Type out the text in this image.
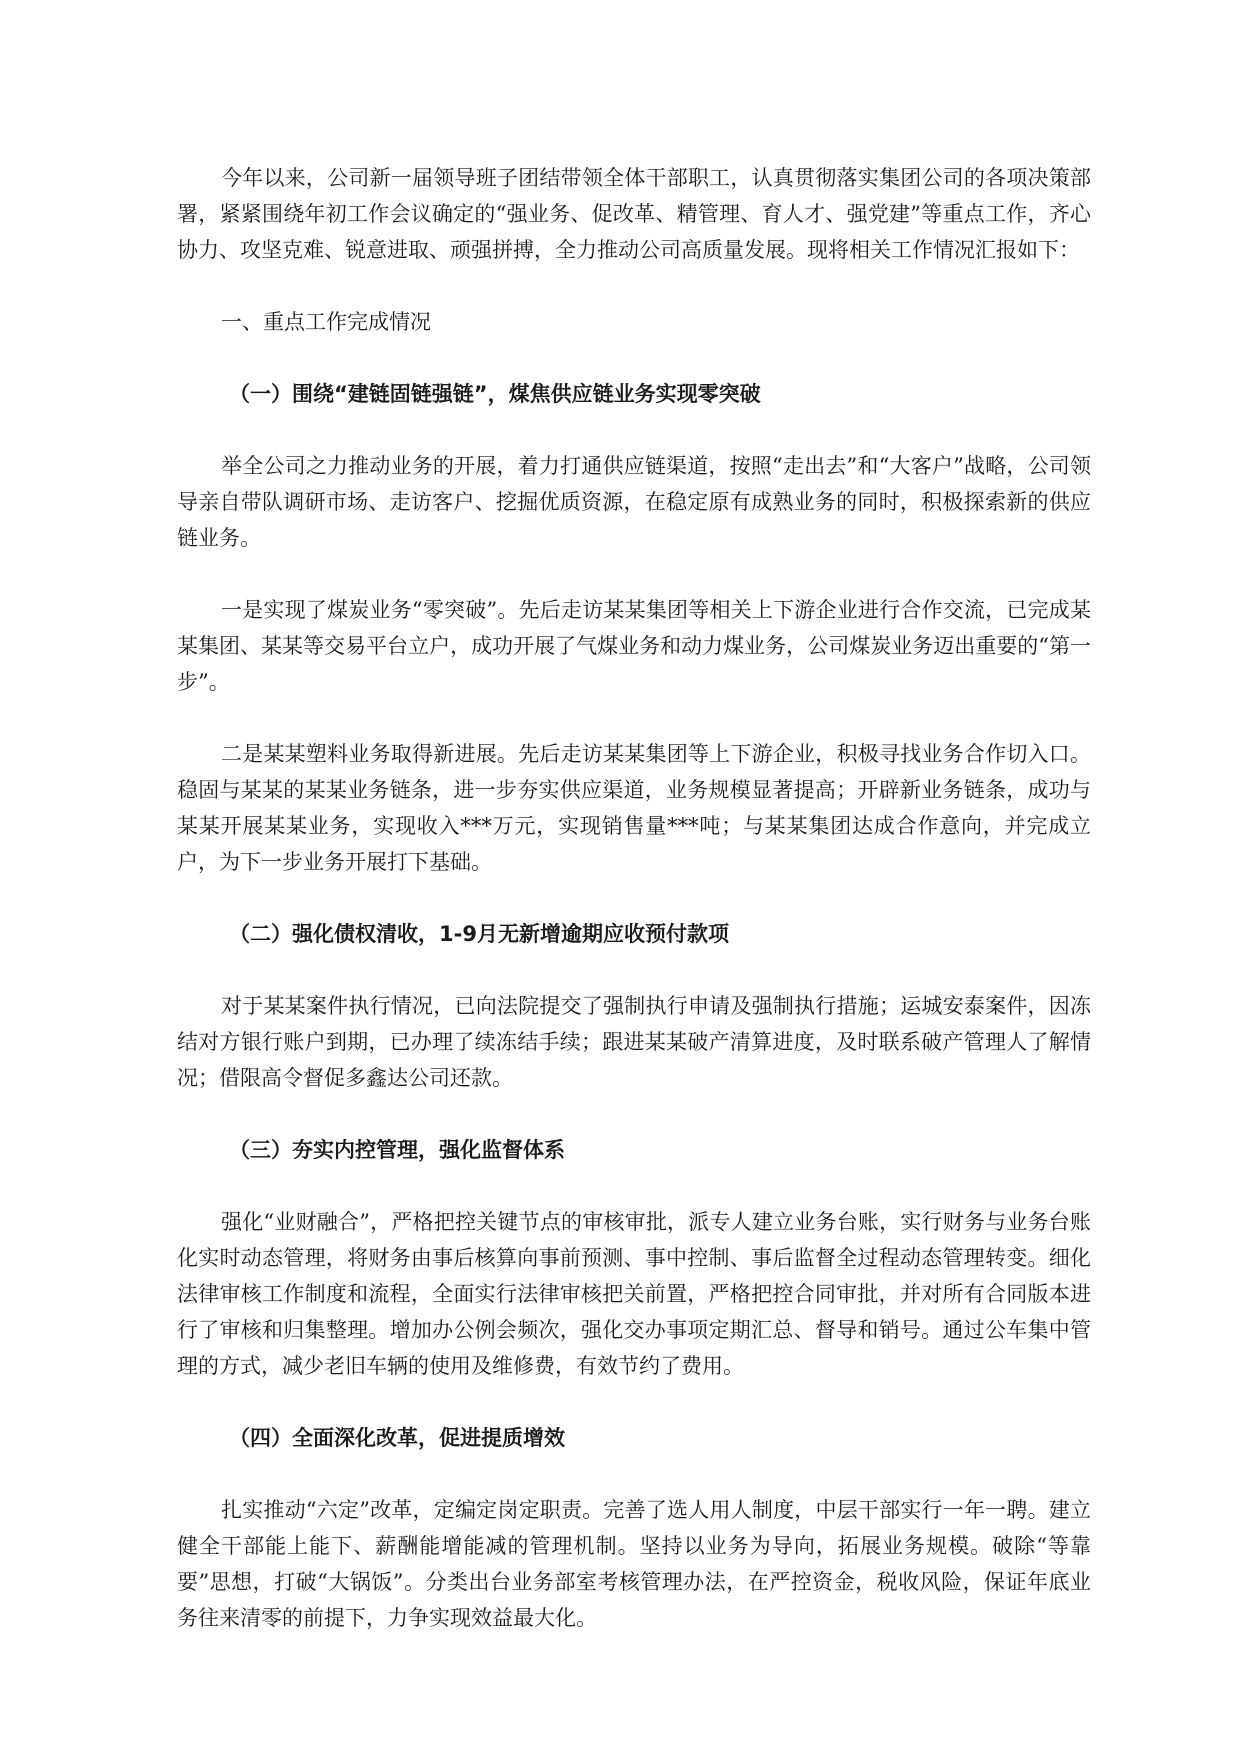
今年以来，公司新一届领导班子团结带领全体干部职工，认真贯彻落实集团公司的各项决策部署，紧紧围绕年初工作会议确定的“强业务、促改革、精管理、育人才、强党建”等重点工作，齐心协力、攻坚克难、锐意进取、顽强拼搏，全力推动公司高质量发展。现将相关工作情况汇报如下：

一、重点工作完成情况

（一）围绕“建链固链强链”，煤焦供应链业务实现零突破

举全公司之力推动业务的开展，着力打通供应链渠道，按照“走出去”和“大客户”战略，公司领导亲自带队调研市场、走访客户、挖掘优质资源，在稳定原有成熟业务的同时，积极探索新的供应链业务。

一是实现了煤炭业务“零突破”。先后走访某某集团等相关上下游企业进行合作交流，已完成某某集团、某某等交易平台立户，成功开展了气煤业务和动力煤业务，公司煤炭业务迈出重要的“第一步”。

二是某某塑料业务取得新进展。先后走访某某集团等上下游企业，积极寻找业务合作切入口。稳固与某某的某某业务链条，进一步夯实供应渠道，业务规模显著提高；开辟新业务链条，成功与某某开展某某业务，实现收入***万元，实现销售量***吨；与某某集团达成合作意向，并完成立户，为下一步业务开展打下基础。

（二）强化债权清收，1-9月无新增逾期应收预付款项

对于某某案件执行情况，已向法院提交了强制执行申请及强制执行措施；运城安泰案件，因冻结对方银行账户到期，已办理了续冻结手续；跟进某某破产清算进度，及时联系破产管理人了解情况；借限高令督促多鑫达公司还款。

（三）夯实内控管理，强化监督体系

强化“业财融合”，严格把控关键节点的审核审批，派专人建立业务台账，实行财务与业务台账化实时动态管理，将财务由事后核算向事前预测、事中控制、事后监督全过程动态管理转变。细化法律审核工作制度和流程，全面实行法律审核把关前置，严格把控合同审批，并对所有合同版本进行了审核和归集整理。增加办公例会频次，强化交办事项定期汇总、督导和销号。通过公车集中管理的方式，减少老旧车辆的使用及维修费，有效节约了费用。

（四）全面深化改革，促进提质增效

扎实推动“六定”改革，定编定岗定职责。完善了选人用人制度，中层干部实行一年一聘。建立健全干部能上能下、薪酬能增能减的管理机制。坚持以业务为导向，拓展业务规模。破除“等靠要”思想，打破“大锅饭”。分类出台业务部室考核管理办法，在严控资金，税收风险，保证年底业务往来清零的前提下，力争实现效益最大化。
